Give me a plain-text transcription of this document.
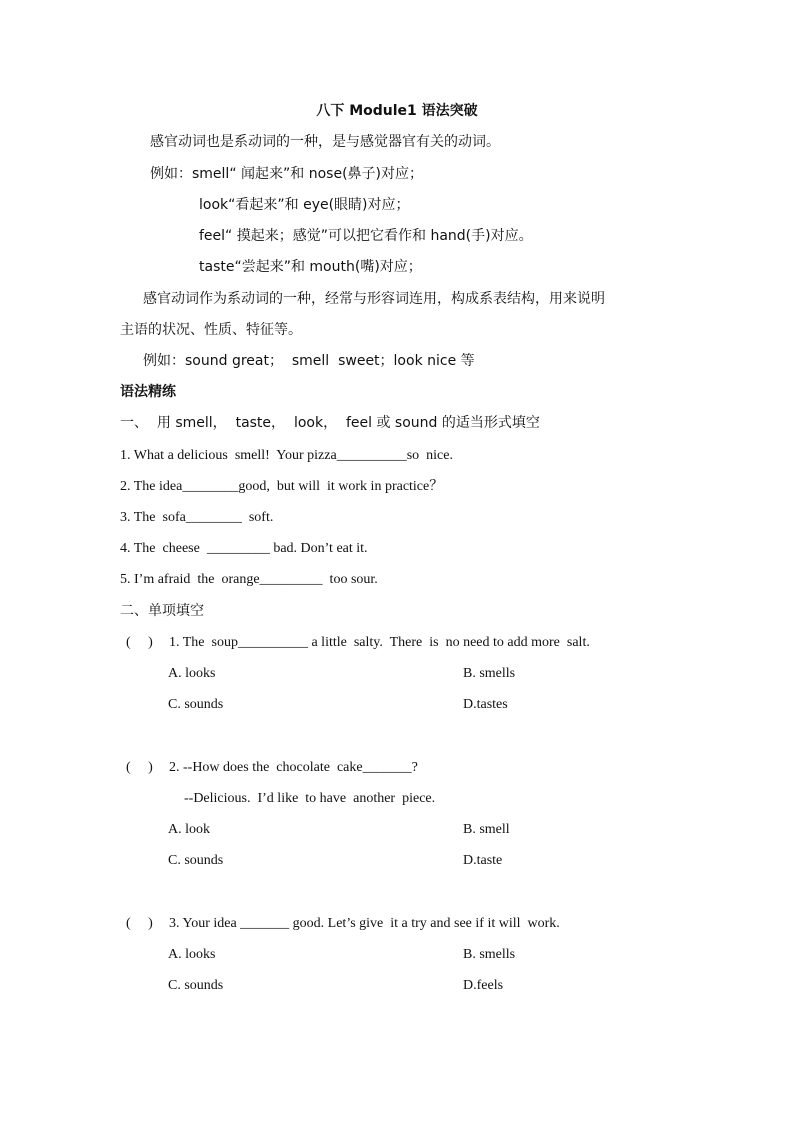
八下 Module1 语法突破
感官动词也是系动词的一种，是与感觉器官有关的动词。
例如：smell“ 闻起来”和 nose(鼻子)对应；
look“看起来”和 eye(眼睛)对应；
feel“ 摸起来；感觉”可以把它看作和 hand(手)对应。
taste“尝起来”和 mouth(嘴)对应；
感官动词作为系动词的一种，经常与形容词连用，构成系表结构，用来说明
主语的状况、性质、特征等。
例如：sound great；  smell  sweet；look nice 等
语法精练
一、  用 smell，  taste，  look，  feel 或 sound 的适当形式填空
1. What a delicious  smell!  Your pizza__________so  nice.
2. The idea________good,  but will  it work in practice？
3. The  sofa________  soft.
4. The  cheese  _________ bad. Don’t eat it.
5. I’m afraid  the  orange_________  too sour.
二、单项填空
(     ) 1. The  soup__________ a little  salty.  There  is  no need to add more  salt.
A. looks	B. smells
C. sounds	D.tastes
(     ) 2. --How does the  chocolate  cake_______?
--Delicious.  I’d like  to have  another  piece.
A. look	B. smell
C. sounds	D.taste
(     ) 3. Your idea _______ good. Let’s give  it a try and see if it will  work.
A. looks	B. smells
C. sounds	D.feels
